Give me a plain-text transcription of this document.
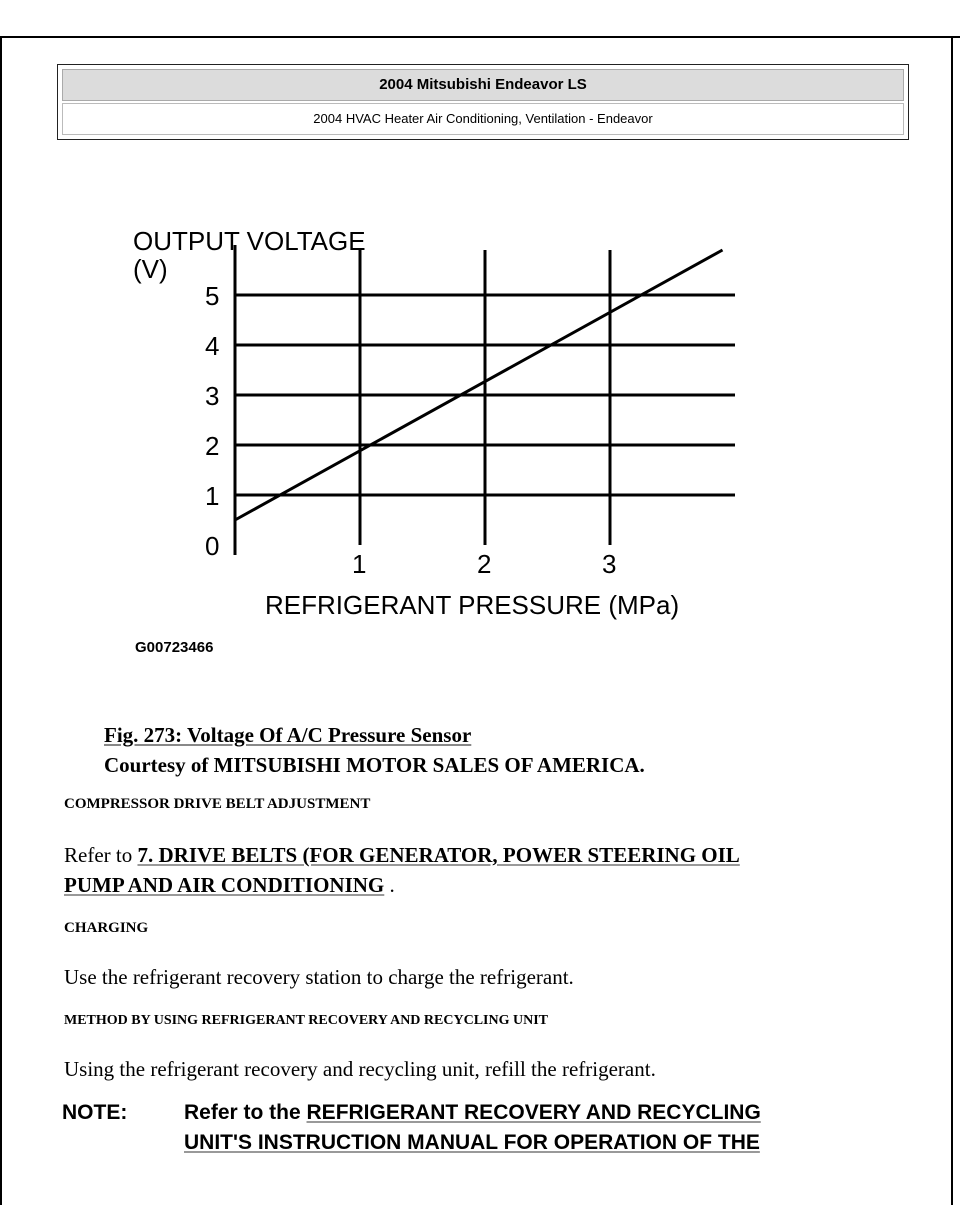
2004 Mitsubishi Endeavor LS
2004 HVAC Heater Air Conditioning, Ventilation - Endeavor
0
1
2
3
4
5
1	2	3
OUTPUT VOLTAGE
(V)
REFRIGERANT PRESSURE (MPa)
G00723466
Fig. 273: Voltage Of A/C Pressure Sensor
Courtesy of MITSUBISHI MOTOR SALES OF AMERICA.
COMPRESSOR DRIVE BELT ADJUSTMENT
Refer to 7. DRIVE BELTS (FOR GENERATOR, POWER STEERING OIL
PUMP AND AIR CONDITIONING .
CHARGING
Use the refrigerant recovery station to charge the refrigerant.
METHOD BY USING REFRIGERANT RECOVERY AND RECYCLING UNIT
Using the refrigerant recovery and recycling unit, refill the refrigerant.
NOTE:	Refer to the REFRIGERANT RECOVERY AND RECYCLING
UNIT'S INSTRUCTION MANUAL FOR OPERATION OF THE
